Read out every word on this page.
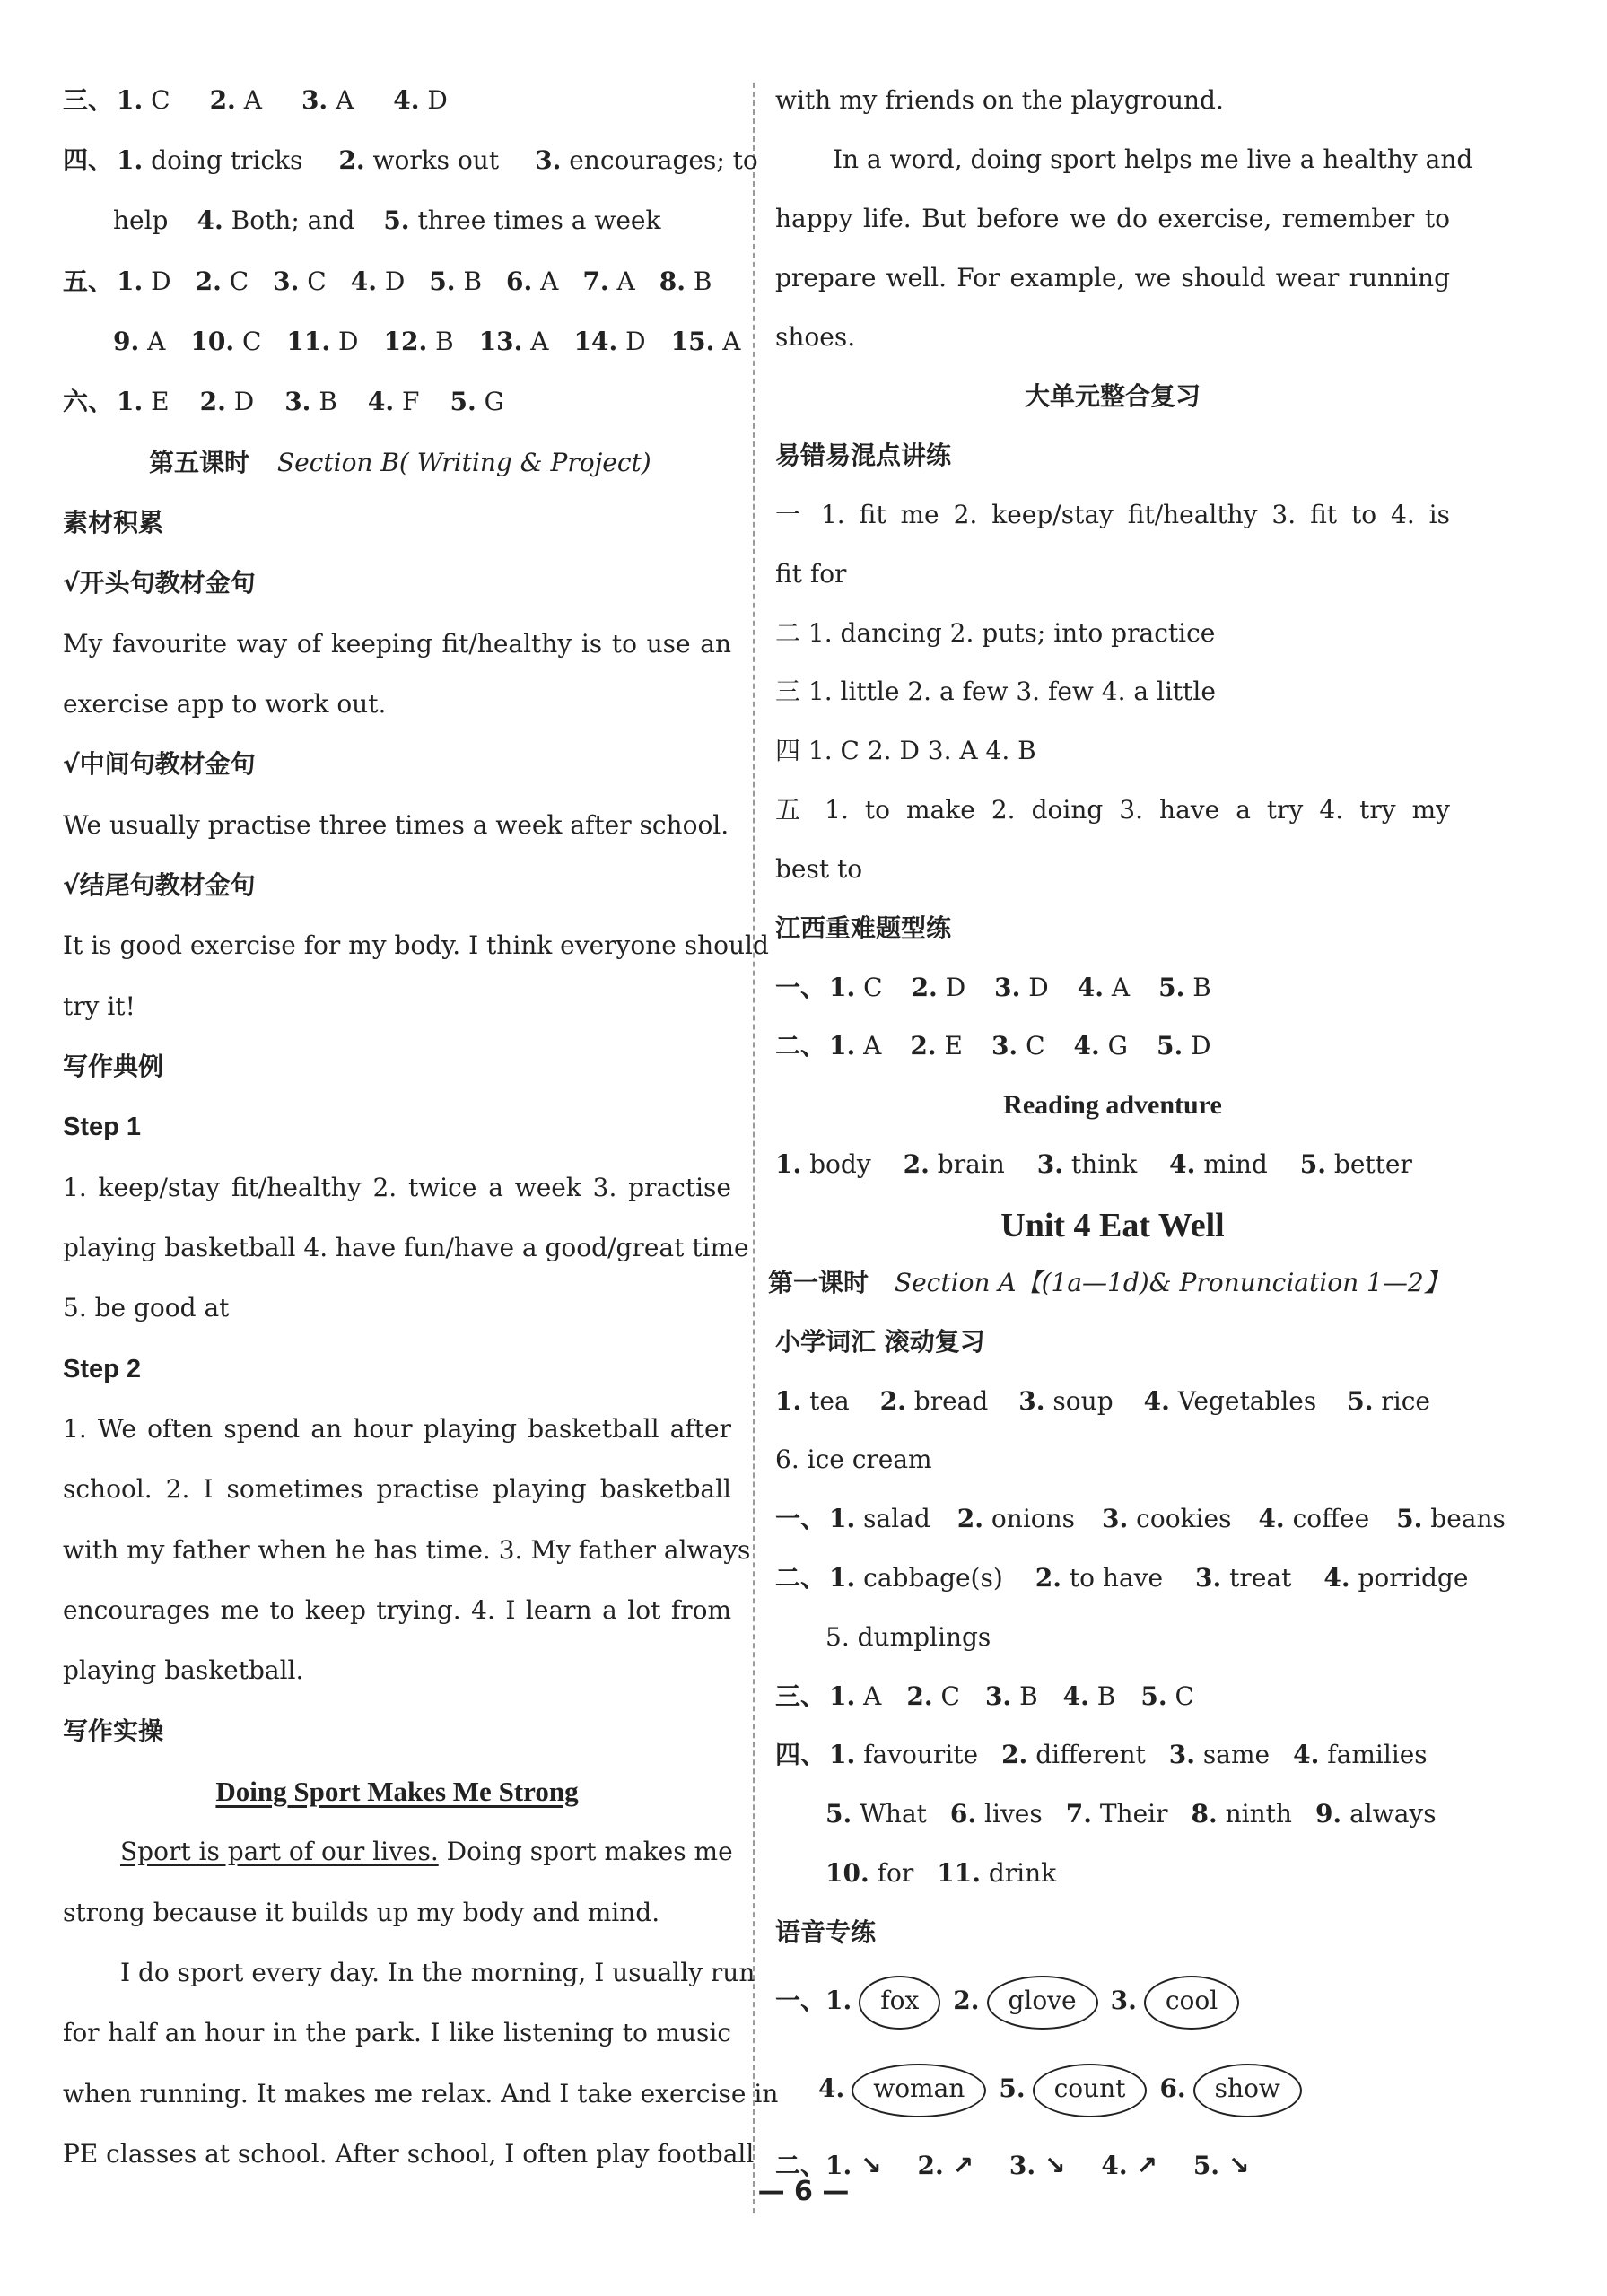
三、 1. C 2. A 3. A 4. D
四、 1. doing tricks 2. works out 3. encourages; to
help 4. Both; and 5. three times a week
五、 1. D 2. C 3. C 4. D 5. B 6. A 7. A 8. B
9. A 10. C 11. D 12. B 13. A 14. D 15. A
六、 1. E 2. D 3. B 4. F 5. G
第五课时 Section B( Writing & Project)
素材积累
√开头句教材金句
My favourite way of keeping fit/healthy is to use an
exercise app to work out.
√中间句教材金句
We usually practise three times a week after school.
√结尾句教材金句
It is good exercise for my body. I think everyone should
try it!
写作典例
Step 1
1. keep/stay fit/healthy 2. twice a week 3. practise
playing basketball 4. have fun/have a good/great time
5. be good at
Step 2
1. We often spend an hour playing basketball after
school. 2. I sometimes practise playing basketball
with my father when he has time. 3. My father always
encourages me to keep trying. 4. I learn a lot from
playing basketball.
写作实操
Doing Sport Makes Me Strong
Sport is part of our lives. Doing sport makes me
strong because it builds up my body and mind.
I do sport every day. In the morning, I usually run
for half an hour in the park. I like listening to music
when running. It makes me relax. And I take exercise in
PE classes at school. After school, I often play football
with my friends on the playground.
In a word, doing sport helps me live a healthy and
happy life. But before we do exercise, remember to
prepare well. For example, we should wear running
shoes.
大单元整合复习
易错易混点讲练
一 1. fit me 2. keep/stay fit/healthy 3. fit to 4. is
fit for
二 1. dancing 2. puts; into practice
三 1. little 2. a few 3. few 4. a little
四 1. C 2. D 3. A 4. B
五 1. to make 2. doing 3. have a try 4. try my
best to
江西重难题型练
一、 1. C 2. D 3. D 4. A 5. B
二、 1. A 2. E 3. C 4. G 5. D
Reading adventure
1. body 2. brain 3. think 4. mind 5. better
Unit 4 Eat Well
第一课时 Section A【(1a—1d)& Pronunciation 1—2】
小学词汇 滚动复习
1. tea 2. bread 3. soup 4. Vegetables 5. rice
6. ice cream
一、 1. salad 2. onions 3. cookies 4. coffee 5. beans
二、 1. cabbage(s) 2. to have 3. treat 4. porridge
5. dumplings
三、 1. A 2. C 3. B 4. B 5. C
四、 1. favourite 2. different 3. same 4. families
5. What 6. lives 7. Their 8. ninth 9. always
10. for 11. drink
语音专练
一、1. fox 2. glove 3. cool
4. woman 5. count 6. show
二、1. ↘ 2. ↗ 3. ↘ 4. ↗ 5. ↘
— 6 —
